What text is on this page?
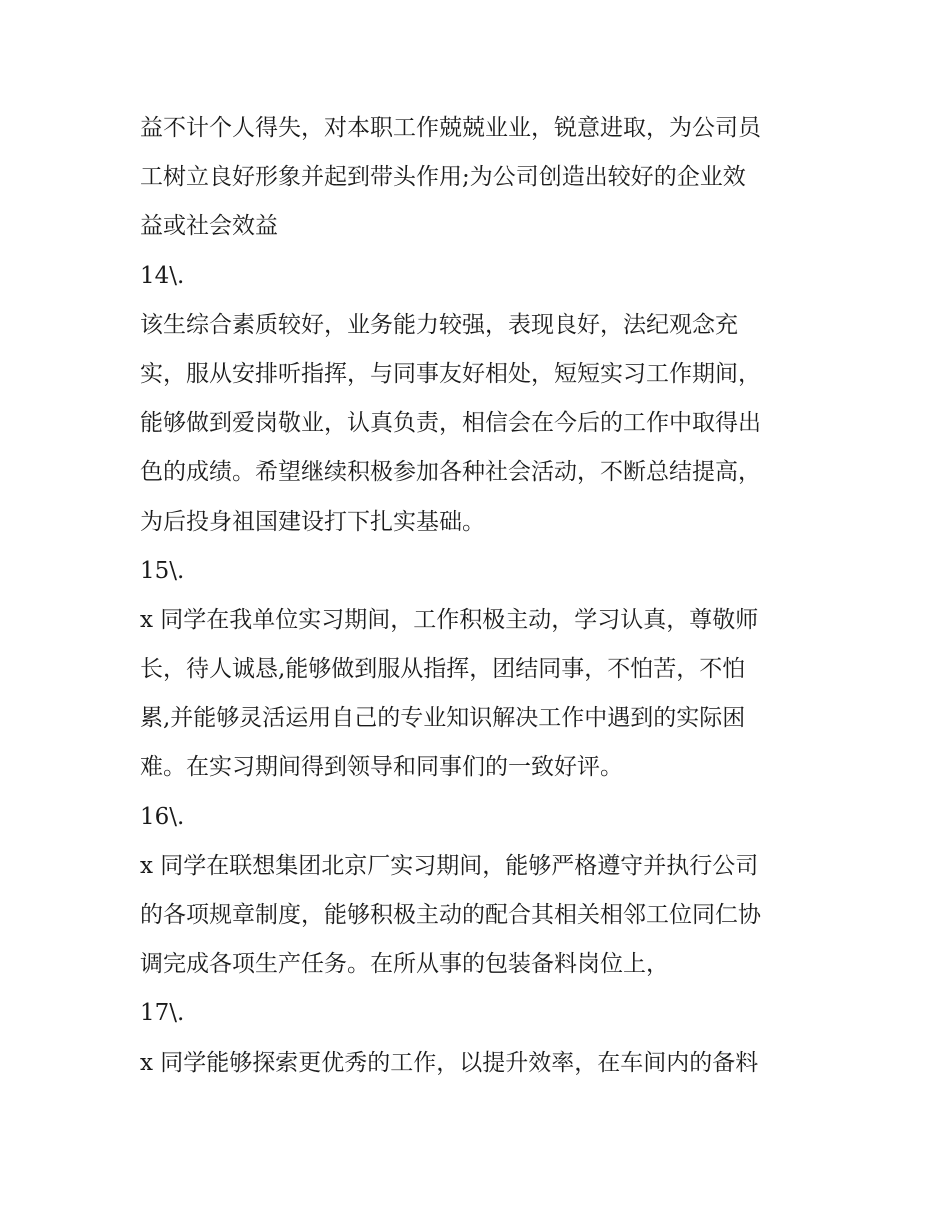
益不计个人得失，对本职工作兢兢业业，锐意进取，为公司员
工树立良好形象并起到带头作用;为公司创造出较好的企业效
益或社会效益
14\.
该生综合素质较好，业务能力较强，表现良好，法纪观念充
实，服从安排听指挥，与同事友好相处，短短实习工作期间，
能够做到爱岗敬业，认真负责，相信会在今后的工作中取得出
色的成绩。希望继续积极参加各种社会活动，不断总结提高，
为后投身祖国建设打下扎实基础。
15\.
x 同学在我单位实习期间，工作积极主动，学习认真，尊敬师
长，待人诚恳,能够做到服从指挥，团结同事，不怕苦，不怕
累,并能够灵活运用自己的专业知识解决工作中遇到的实际困
难。在实习期间得到领导和同事们的一致好评。
16\.
x 同学在联想集团北京厂实习期间，能够严格遵守并执行公司
的各项规章制度，能够积极主动的配合其相关相邻工位同仁协
调完成各项生产任务。在所从事的包装备料岗位上，
17\.
x 同学能够探索更优秀的工作，以提升效率，在车间内的备料
